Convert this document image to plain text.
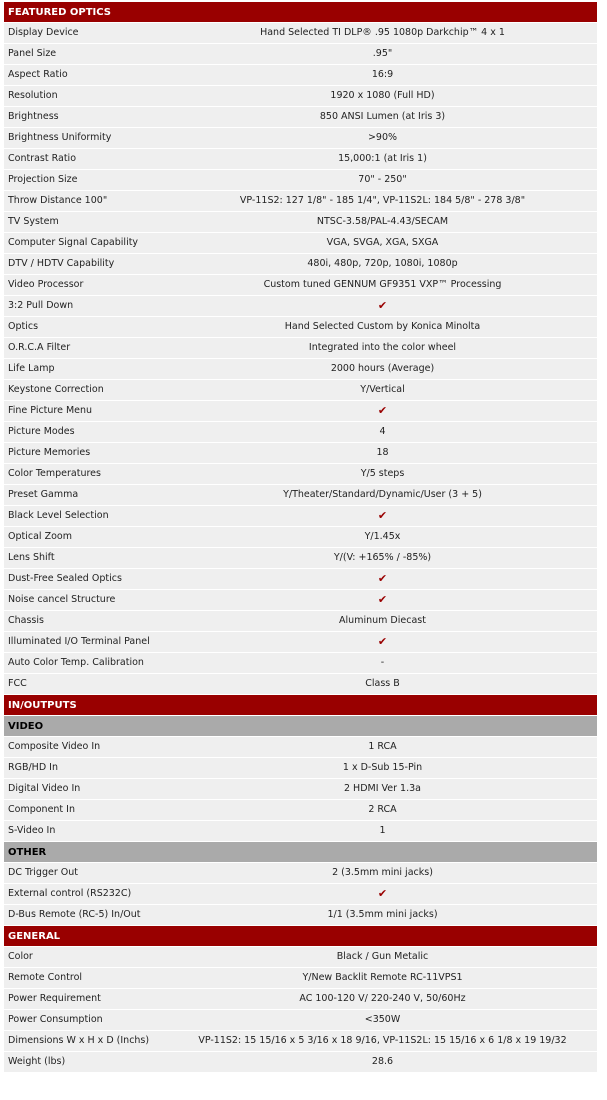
FEATURED OPTICS
Display Device	Hand Selected TI DLP® .95 1080p Darkchip™ 4 x 1
Panel Size	.95"
Aspect Ratio	16:9
Resolution	1920 x 1080 (Full HD)
Brightness	850 ANSI Lumen (at Iris 3)
Brightness Uniformity	>90%
Contrast Ratio	15,000:1 (at Iris 1)
Projection Size	70" - 250"
Throw Distance 100"	VP-11S2: 127 1/8" - 185 1/4", VP-11S2L: 184 5/8" - 278 3/8"
TV System	NTSC-3.58/PAL-4.43/SECAM
Computer Signal Capability	VGA, SVGA, XGA, SXGA
DTV / HDTV Capability	480i, 480p, 720p, 1080i, 1080p
Video Processor	Custom tuned GENNUM GF9351 VXP™ Processing
3:2 Pull Down	✔
Optics	Hand Selected Custom by Konica Minolta
O.R.C.A Filter	Integrated into the color wheel
Life Lamp	2000 hours (Average)
Keystone Correction	Y/Vertical
Fine Picture Menu	✔
Picture Modes	4
Picture Memories	18
Color Temperatures	Y/5 steps
Preset Gamma	Y/Theater/Standard/Dynamic/User (3 + 5)
Black Level Selection	✔
Optical Zoom	Y/1.45x
Lens Shift	Y/(V: +165% / -85%)
Dust-Free Sealed Optics	✔
Noise cancel Structure	✔
Chassis	Aluminum Diecast
Illuminated I/O Terminal Panel	✔
Auto Color Temp. Calibration	-
FCC	Class B
IN/OUTPUTS
VIDEO
Composite Video In	1 RCA
RGB/HD In	1 x D-Sub 15-Pin
Digital Video In	2 HDMI Ver 1.3a
Component In	2 RCA
S-Video In	1
OTHER
DC Trigger Out	2 (3.5mm mini jacks)
External control (RS232C)	✔
D-Bus Remote (RC-5) In/Out	1/1 (3.5mm mini jacks)
GENERAL
Color	Black / Gun Metalic
Remote Control	Y/New Backlit Remote RC-11VPS1
Power Requirement	AC 100-120 V/ 220-240 V, 50/60Hz
Power Consumption	<350W
Dimensions W x H x D (Inchs)	VP-11S2: 15 15/16 x 5 3/16 x 18 9/16, VP-11S2L: 15 15/16 x 6 1/8 x 19 19/32
Weight (lbs)	28.6
